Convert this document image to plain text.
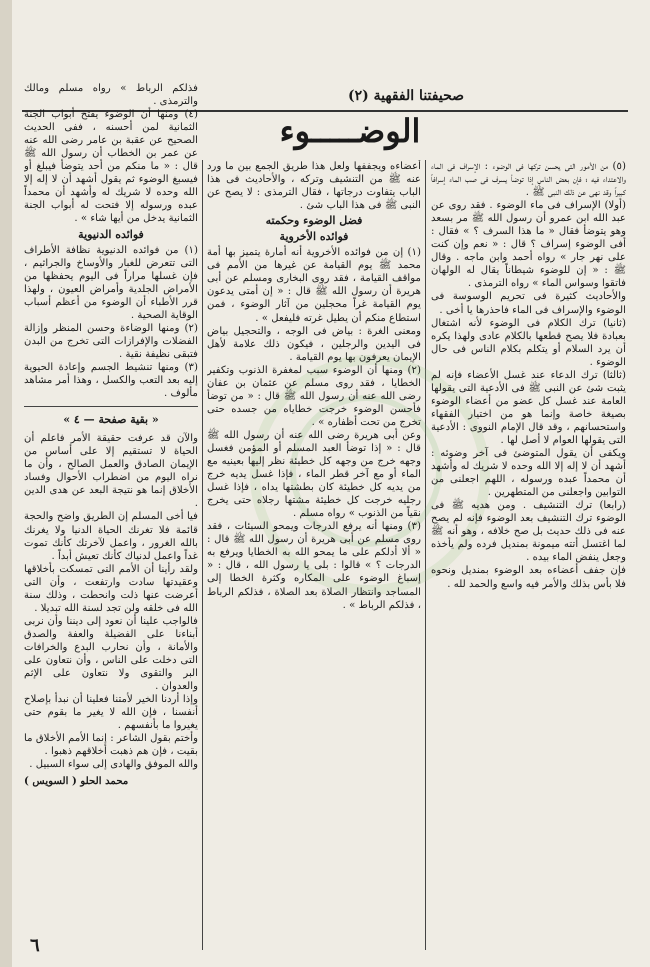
صحيفتنا الفقهية (٢)
الوضـــــوء

(٥) من الأمور التى يحسن تركها فى الوضوء : الإسراف فى الماء والاعتداء فيه ؛ فإن بعض الناس إذا توضأ يسرف فى صب الماء إسرافاً كبيراً وقد نهى عن ذلك النبى ﷺ .

(أولا) الإسراف فى ماء الوضوء . فقد روى عن عبد الله ابن عمرو أن رسول الله ﷺ مر بسعد وهو يتوضأ فقال « ما هذا السرف ؟ » فقال : أفى الوضوء إسراف ؟ قال : « نعم وإن كنت على نهر جار » رواه أحمد وابن ماجه . وقال ﷺ : « إن للوضوء شيطاناً يقال له الولهان فاتقوا وسواس الماء » رواه الترمذى .

والأحاديث كثيرة فى تحريم الوسوسة فى الوضوء والإسراف فى الماء فاحذرها يا أخى .

(ثانيا) ترك الكلام فى الوضوء لأنه اشتغال بعبادة فلا يصح قطعها بالكلام عادى ولهذا يكره أن يرد السلام أو يتكلم بكلام الناس فى حال الوضوء .

(ثالثا) ترك الدعاء عند غسل الأعضاء فإنه لم يثبت شئ عن النبى ﷺ فى الأدعية التى يقولها العامة عند غسل كل عضو من أعضاء الوضوء بصيغة خاصة وإنما هو من اختيار الفقهاء واستحسانهم ، وقد قال الإمام النووى : الأدعية التى يقولها العوام لا أصل لها .

ويكفى أن يقول المتوضئ فى آخر وضوئه : أشهد أن لا إله إلا الله وحده لا شريك له وأشهد أن محمداً عبده ورسوله ، اللهم اجعلنى من التوابين واجعلنى من المتطهرين .

(رابعا) ترك التنشيف . ومن هديه ﷺ فى الوضوء ترك التنشيف بعد الوضوء فإنه لم يصح عنه فى ذلك حديث بل صح خلافه ، وهو أنه ﷺ لما اغتسل أتته ميمونة بمنديل فرده ولم يأخذه وجعل ينفض الماء بيده .

فإن جفف أعضاءه بعد الوضوء بمنديل ونحوه فلا بأس بذلك والأمر فيه واسع والحمد لله .

أعضاءه ويجففها ولعل هذا طريق الجمع بين ما ورد عنه ﷺ من التنشيف وتركه ، والأحاديث فى هذا الباب يتفاوت درجاتها ، فقال الترمذى : لا يصح عن النبى ﷺ فى هذا الباب شئ .

فضل الوضوء وحكمته
فوائده الأخروية

(١) إن من فوائده الأخروية أنه أمارة يتميز بها أمة محمد ﷺ يوم القيامة عن غيرها من الأمم فى مواقف القيامة ، فقد روى البخارى ومسلم عن أبى هريرة أن رسول الله ﷺ قال : « إن أمتى يدعون يوم القيامة غراً محجلين من آثار الوضوء ، فمن استطاع منكم أن يطيل غرته فليفعل » .

ومعنى الغرة : بياض فى الوجه ، والتحجيل بياض فى اليدين والرجلين ، فيكون ذلك علامة لأهل الإيمان يعرفون بها يوم القيامة .

(٢) ومنها أن الوضوء سبب لمغفرة الذنوب وتكفير الخطايا ، فقد روى مسلم عن عثمان بن عفان رضى الله عنه أن رسول الله ﷺ قال : « من توضأ فأحسن الوضوء خرجت خطاياه من جسده حتى تخرج من تحت أظفاره » .

وعن أبى هريرة رضى الله عنه أن رسول الله ﷺ قال : « إذا توضأ العبد المسلم أو المؤمن فغسل وجهه خرج من وجهه كل خطيئة نظر إليها بعينيه مع الماء أو مع آخر قطر الماء ، فإذا غسل يديه خرج من يديه كل خطيئة كان بطشتها يداه ، فإذا غسل رجليه خرجت كل خطيئة مشتها رجلاه حتى يخرج نقياً من الذنوب » رواه مسلم .

(٣) ومنها أنه يرفع الدرجات ويمحو السيئات ، فقد روى مسلم عن أبى هريرة أن رسول الله ﷺ قال : « ألا أدلكم على ما يمحو الله به الخطايا ويرفع به الدرجات ؟ » قالوا : بلى يا رسول الله ، قال : « إسباغ الوضوء على المكاره وكثرة الخطا إلى المساجد وانتظار الصلاة بعد الصلاة ، فذلكم الرباط ، فذلكم الرباط » .

فذلكم الرباط » رواه مسلم ومالك والترمذى .

(٤) ومنها أن الوضوء يفتح أبواب الجنة الثمانية لمن أحسنه ، ففى الحديث الصحيح عن عقبة بن عامر رضى الله عنه عن عمر بن الخطاب أن رسول الله ﷺ قال : « ما منكم من أحد يتوضأ فيبلغ أو فيسبغ الوضوء ثم يقول أشهد أن لا إله إلا الله وحده لا شريك له وأشهد أن محمداً عبده ورسوله إلا فتحت له أبواب الجنة الثمانية يدخل من أيها شاء » .

فوائده الدنيوية

(١) من فوائده الدنيوية نظافة الأطراف التى تتعرض للغبار والأوساخ والجراثيم ، فإن غسلها مراراً فى اليوم يحفظها من الأمراض الجلدية وأمراض العيون ، ولهذا قرر الأطباء أن الوضوء من أعظم أسباب الوقاية الصحية .

(٢) ومنها الوضاءة وحسن المنظر وإزالة الفضلات والإفرازات التى تخرج من البدن فتبقى نظيفة نقية .

(٣) ومنها تنشيط الجسم وإعادة الحيوية إليه بعد التعب والكسل ، وهذا أمر مشاهد مألوف .

« بقية صفحة — ٤ »

والآن قد عرفت حقيقة الأمر فاعلم أن الحياة لا تستقيم إلا على أساس من الإيمان الصادق والعمل الصالح ، وأن ما نراه اليوم من اضطراب الأحوال وفساد الأخلاق إنما هو نتيجة البعد عن هدى الدين .

فيا أخى المسلم إن الطريق واضح والحجة قائمة فلا تغرنك الحياة الدنيا ولا يغرنك بالله الغرور ، واعمل لآخرتك كأنك تموت غداً واعمل لدنياك كأنك تعيش أبداً .

ولقد رأينا أن الأمم التى تمسكت بأخلاقها وعقيدتها سادت وارتفعت ، وأن التى أعرضت عنها ذلت وانحطت ، وذلك سنة الله فى خلقه ولن تجد لسنة الله تبديلا .

فالواجب علينا أن نعود إلى ديننا وأن نربى أبناءنا على الفضيلة والعفة والصدق والأمانة ، وأن نحارب البدع والخرافات التى دخلت على الناس ، وأن نتعاون على البر والتقوى ولا نتعاون على الإثم والعدوان .

وإذا أردنا الخير لأمتنا فعلينا أن نبدأ بإصلاح أنفسنا ، فإن الله لا يغير ما بقوم حتى يغيروا ما بأنفسهم .

وأختم بقول الشاعر : إنما الأمم الأخلاق ما بقيت ، فإن هم ذهبت أخلاقهم ذهبوا .

والله الموفق والهادى إلى سواء السبيل .

محمد الحلو ( السويس )
٦
